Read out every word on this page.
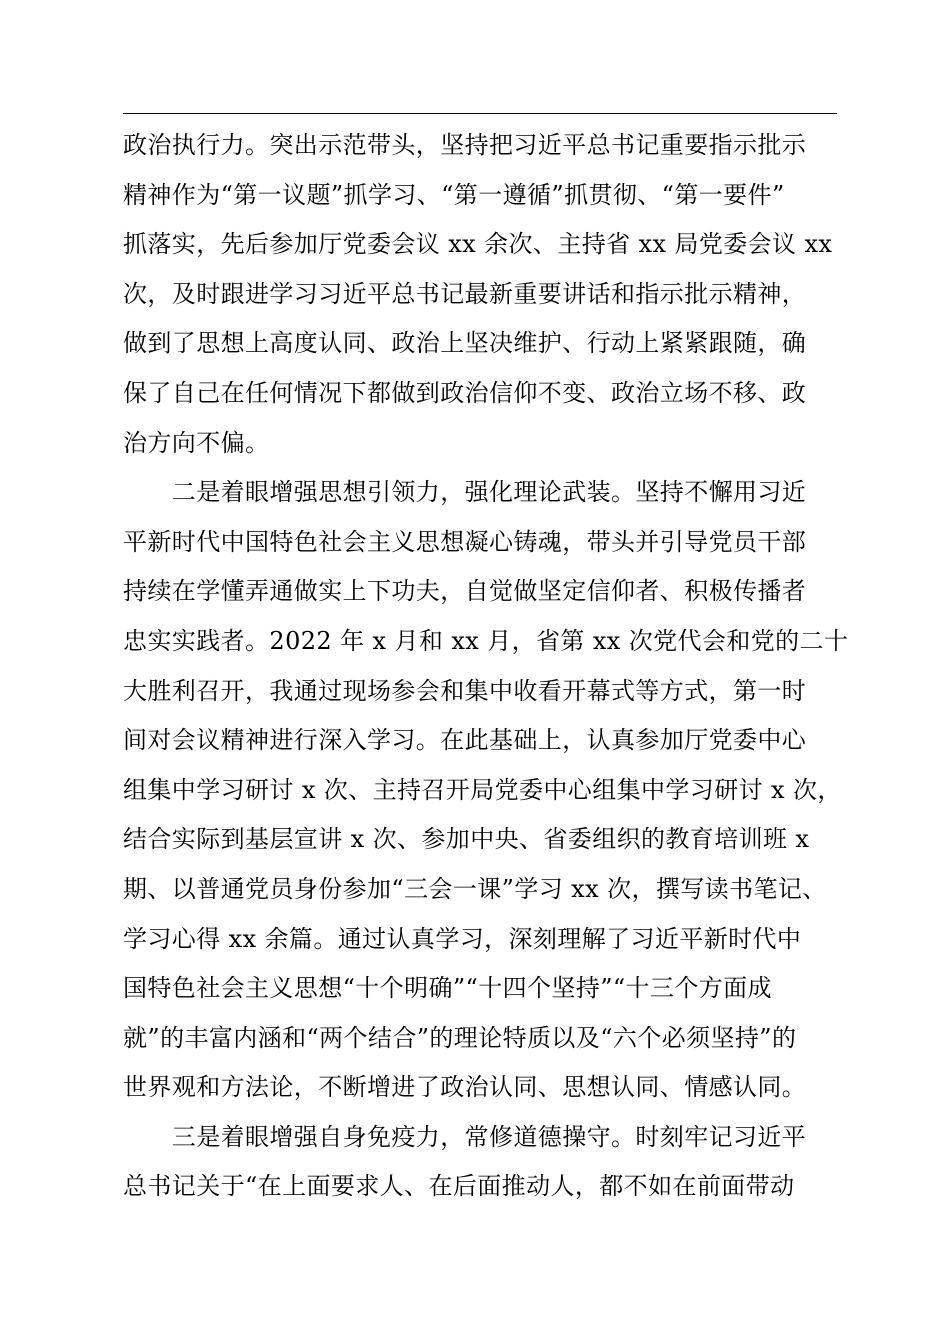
政治执行力。突出示范带头，坚持把习近平总书记重要指示批示
精神作为“第一议题”抓学习、“第一遵循”抓贯彻、“第一要件”
抓落实，先后参加厅党委会议 xx 余次、主持省 xx 局党委会议 xx
次，及时跟进学习习近平总书记最新重要讲话和指示批示精神，
做到了思想上高度认同、政治上坚决维护、行动上紧紧跟随，确
保了自己在任何情况下都做到政治信仰不变、政治立场不移、政
治方向不偏。
　　二是着眼增强思想引领力，强化理论武装。坚持不懈用习近
平新时代中国特色社会主义思想凝心铸魂，带头并引导党员干部
持续在学懂弄通做实上下功夫，自觉做坚定信仰者、积极传播者
忠实实践者。2022 年 x 月和 xx 月，省第 xx 次党代会和党的二十
大胜利召开，我通过现场参会和集中收看开幕式等方式，第一时
间对会议精神进行深入学习。在此基础上，认真参加厅党委中心
组集中学习研讨 x 次、主持召开局党委中心组集中学习研讨 x 次，
结合实际到基层宣讲 x 次、参加中央、省委组织的教育培训班 x
期、以普通党员身份参加“三会一课”学习 xx 次，撰写读书笔记、
学习心得 xx 余篇。通过认真学习，深刻理解了习近平新时代中
国特色社会主义思想“十个明确”“十四个坚持”“十三个方面成
就”的丰富内涵和“两个结合”的理论特质以及“六个必须坚持”的
世界观和方法论，不断增进了政治认同、思想认同、情感认同。
　　三是着眼增强自身免疫力，常修道德操守。时刻牢记习近平
总书记关于“在上面要求人、在后面推动人，都不如在前面带动
